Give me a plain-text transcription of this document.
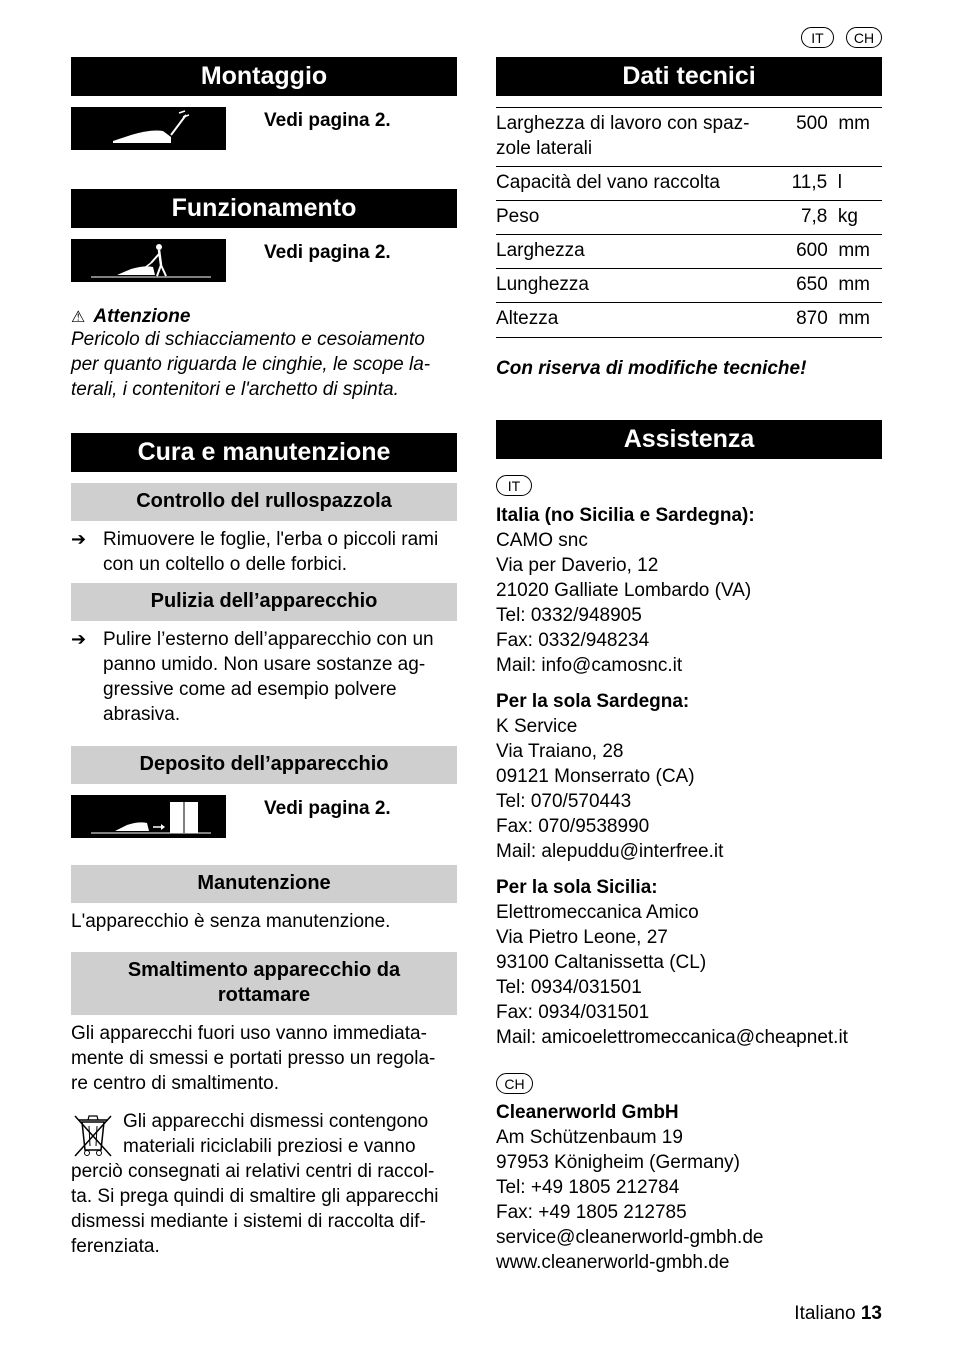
IT	CH
Montaggio
Vedi pagina 2.
Funzionamento
Vedi pagina 2.
⚠ Attenzione
Pericolo di schiacciamento e cesoiamento
per quanto riguarda le cinghie, le scope la-
terali, i contenitori e l'archetto di spinta.
Cura e manutenzione
Controllo del rullospazzola
➔ Rimuovere le foglie, l'erba o piccoli rami
con un coltello o delle forbici.
Pulizia dell’apparecchio
➔ Pulire l’esterno dell’apparecchio con un
panno umido. Non usare sostanze ag-
gressive come ad esempio polvere
abrasiva.
Deposito dell’apparecchio
Vedi pagina 2.
Manutenzione
L'apparecchio è senza manutenzione.
Smaltimento apparecchio da
rottamare
Gli apparecchi fuori uso vanno immediata-
mente di smessi e portati presso un regola-
re centro di smaltimento.
Gli apparecchi dismessi contengono
materiali riciclabili preziosi e vanno
perciò consegnati ai relativi centri di raccol-
ta. Si prega quindi di smaltire gli apparecchi
dismessi mediante i sistemi di raccolta dif-
ferenziata.
Dati tecnici
Larghezza di lavoro con spaz-
zole laterali
500 mm
Capacità del vano raccolta	11,5 l
Peso	7,8 kg
Larghezza	600 mm
Lunghezza	650 mm
Altezza	870 mm
Con riserva di modifiche tecniche!
Assistenza
IT
Italia (no Sicilia e Sardegna):
CAMO snc
Via per Daverio, 12
21020 Galliate Lombardo (VA)
Tel: 0332/948905
Fax: 0332/948234
Mail: info@camosnc.it
Per la sola Sardegna:
K Service
Via Traiano, 28
09121 Monserrato (CA)
Tel: 070/570443
Fax: 070/9538990
Mail: alepuddu@interfree.it
Per la sola Sicilia:
Elettromeccanica Amico
Via Pietro Leone, 27
93100 Caltanissetta (CL)
Tel: 0934/031501
Fax: 0934/031501
Mail: amicoelettromeccanica@cheapnet.it
CH
Cleanerworld GmbH
Am Schützenbaum 19
97953 Königheim (Germany)
Tel: +49 1805 212784
Fax: +49 1805 212785
service@cleanerworld-gmbh.de
www.cleanerworld-gmbh.de
Italiano 13
